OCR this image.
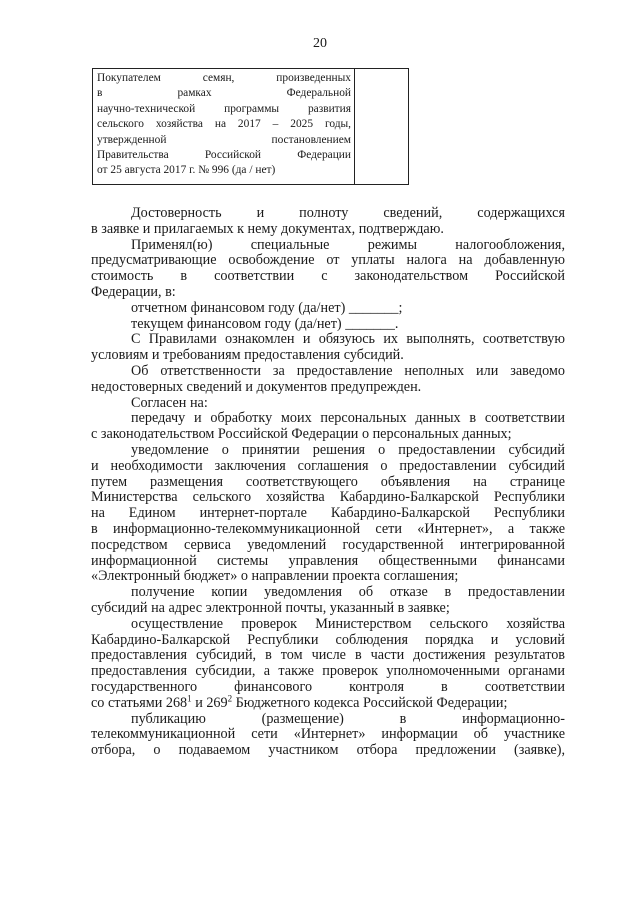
20
Покупателем семян, произведенных
в рамках Федеральной
научно-технической программы развития
сельского хозяйства на 2017 – 2025 годы,
утвержденной постановлением
Правительства Российской Федерации
от 25 августа 2017 г. № 996 (да / нет)
Достоверность и полноту сведений, содержащихся
в заявке и прилагаемых к нему документах, подтверждаю.
Применял(ю) специальные режимы налогообложения,
предусматривающие освобождение от уплаты налога на добавленную
стоимость в соответствии с законодательством Российской
Федерации, в:
отчетном финансовом году (да/нет) _______;
текущем финансовом году (да/нет) _______.
С Правилами ознакомлен и обязуюсь их выполнять, соответствую
условиям и требованиям предоставления субсидий.
Об ответственности за предоставление неполных или заведомо
недостоверных сведений и документов предупрежден.
Согласен на:
передачу и обработку моих персональных данных в соответствии
с законодательством Российской Федерации о персональных данных;
уведомление о принятии решения о предоставлении субсидий
и необходимости заключения соглашения о предоставлении субсидий
путем размещения соответствующего объявления на странице
Министерства сельского хозяйства Кабардино-Балкарской Республики
на Едином интернет-портале Кабардино-Балкарской Республики
в информационно-телекоммуникационной сети «Интернет», а также
посредством сервиса уведомлений государственной интегрированной
информационной системы управления общественными финансами
«Электронный бюджет» о направлении проекта соглашения;
получение копии уведомления об отказе в предоставлении
субсидий на адрес электронной почты, указанный в заявке;
осуществление проверок Министерством сельского хозяйства
Кабардино-Балкарской Республики соблюдения порядка и условий
предоставления субсидий, в том числе в части достижения результатов
предоставления субсидии, а также проверок уполномоченными органами
государственного финансового контроля в соответствии
со статьями $268^1$ и $269^2$ Бюджетного кодекса Российской Федерации;
публикацию (размещение) в информационно-
телекоммуникационной сети «Интернет» информации об участнике
отбора, о подаваемом участником отбора предложении (заявке),
